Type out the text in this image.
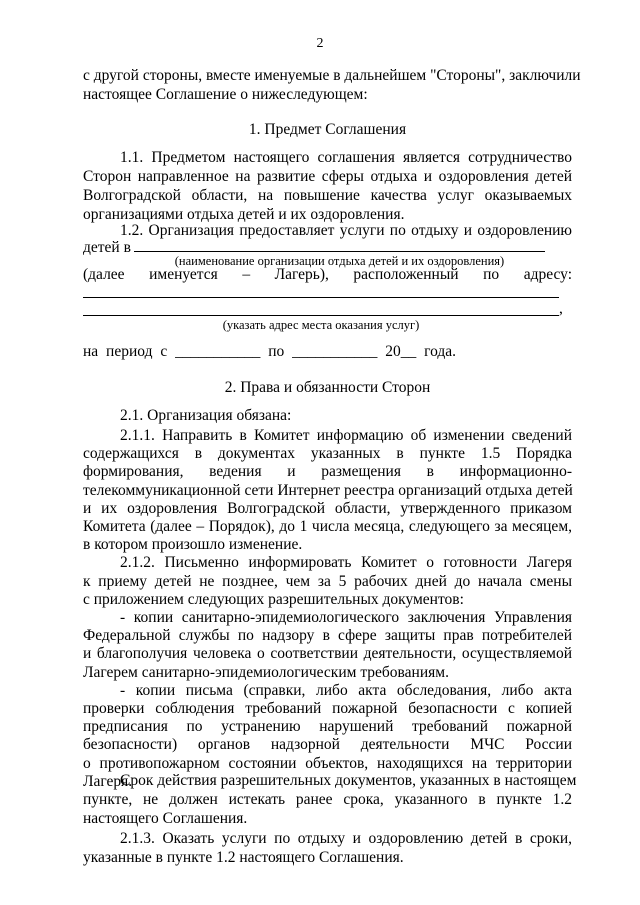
2
с другой стороны, вместе именуемые в дальнейшем "Стороны", заключили
настоящее Соглашение о нижеследующем:
1. Предмет Соглашения
1.1. Предметом настоящего соглашения является сотрудничество
Сторон направленное на развитие сферы отдыха и оздоровления детей
Волгоградской области, на повышение качества услуг оказываемых
организациями отдыха детей и их оздоровления.
1.2. Организация предоставляет услуги по отдыху и оздоровлению
детей в
(наименование организации отдыха детей и их оздоровления)
(далее именуется – Лагерь), расположенный по адресу:
,
(указать адрес места оказания услуг)
на период с ___________ по ___________ 20__ года.
2. Права и обязанности Сторон
2.1. Организация обязана:
2.1.1. Направить в Комитет информацию об изменении сведений
содержащихся в документах указанных в пункте 1.5 Порядка
формирования, ведения и размещения в информационно-
телекоммуникационной сети Интернет реестра организаций отдыха детей
и их оздоровления Волгоградской области, утвержденного приказом
Комитета (далее – Порядок), до 1 числа месяца, следующего за месяцем,
в котором произошло изменение.
2.1.2. Письменно информировать Комитет о готовности Лагеря
к приему детей не позднее, чем за 5 рабочих дней до начала смены
с приложением следующих разрешительных документов:
- копии санитарно-эпидемиологического заключения Управления
Федеральной службы по надзору в сфере защиты прав потребителей
и благополучия человека о соответствии деятельности, осуществляемой
Лагерем санитарно-эпидемиологическим требованиям.
- копии письма (справки, либо акта обследования, либо акта
проверки соблюдения требований пожарной безопасности с копией
предписания по устранению нарушений требований пожарной
безопасности) органов надзорной деятельности МЧС России
о противопожарном состоянии объектов, находящихся на территории
Лагеря.
Срок действия разрешительных документов, указанных в настоящем
пункте, не должен истекать ранее срока, указанного в пункте 1.2
настоящего Соглашения.
2.1.3. Оказать услуги по отдыху и оздоровлению детей в сроки,
указанные в пункте 1.2 настоящего Соглашения.
